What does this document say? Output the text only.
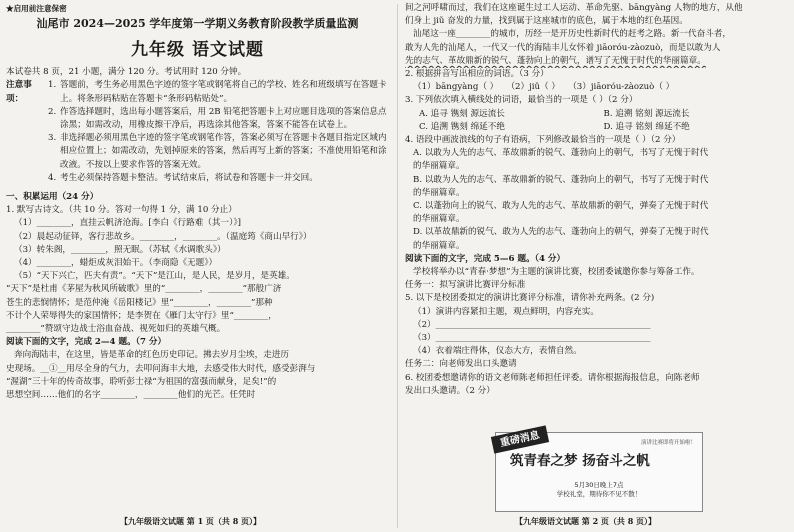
★启用前注意保密
汕尾市 2024—2025 学年度第一学期义务教育阶段教学质量监测
九年级 语文试题
本试卷共 8 页，21 小题，满分 120 分。考试用时 120 分钟。
注意事项：
1. 答题前，考生务必用黑色字迹的签字笔或钢笔将自己的学校、姓名和班级填写在答题卡上。将条形码粘贴在答题卡“条形码粘贴处”。
2. 作答选择题时，选出每小题答案后，用 2B 铅笔把答题卡上对应题目选项的答案信息点涂黑；如需改动，用橡皮擦干净后，再选涂其他答案，答案不能答在试卷上。
3. 非选择题必须用黑色字迹的签字笔或钢笔作答，答案必须写在答题卡各题目指定区域内相应位置上；如需改动，先划掉原来的答案，然后再写上新的答案；不准使用铅笔和涂改液。不按以上要求作答的答案无效。
4. 考生必须保持答题卡整洁。考试结束后，将试卷和答题卡一并交回。
一、积累运用（24 分）
1. 默写古诗文。（共 10 分。答对一句得 1 分，满 10 分止）
（1）________，直挂云帆济沧海。[李白《行路难（其一）》]
（2）晨起动征铎，客行悲故乡。________，________。（温庭筠《商山早行》）
（3）转朱阁，________，照无眠。（苏轼《水调歌头》）
（4）________，蜡炬成灰泪始干。（李商隐《无题》）
（5）“天下兴亡，匹夫有责”。“天下”是江山，是人民，是岁月，是英雄。
“天下”是杜甫《茅屋为秋风所破歌》里的“________，________”那般广济
苍生的悲悯情怀；是范仲淹《岳阳楼记》里“________，________”那种
不计个人荣辱得失的家国情怀；是李贺在《雁门太守行》里“________，
________”赞颂守边战士浴血奋战、视死如归的英雄气概。
阅读下面的文字，完成 2—4 题。（7 分）
奔向海陆丰，在这里，皆是革命的红色历史印记。拂去岁月尘埃，走进历
史现场。__①__用尽全身的气力，去叩问海丰大地，去感受伟大时代，感受彭湃与
“渥湖”三十年的传奇故事，聆听彭士禄“为祖国的富强而献身，足矣!”的
思想空间……他们的名字________，________他们的光芒。任凭时
【九年级语文试题 第 1 页（共 8 页）】
间之河呼啸而过，我们在这座诞生过工人运动、革命先驱、bāngyàng 人物的地方，从他
们身上 jiǔ 奋发的力量，找到属于这座城市的底色，属于本地的红色基因。
汕尾这一座________的城市，历经一是开历史性新时代的赶考之路。新一代奋斗者，
敢为人先的汕尾人，一代又一代的海陆丰儿女怀着 jiāoróu-zàozuò，而是以敢为人
先的志气、革故鼎新的锐气、蓬勃向上的朝气，谱写了无愧于时代的华丽篇章。
2. 根据拼音写出相应的词语。（3 分）
（1）bāngyàng（ ） （2）jiǔ（ ） （3）jiāoróu-zàozuò（ ）
3. 下列依次填入横线处的词语，最恰当的一项是（ ）（2 分）
A. 追寻 镌刻 源远流长	B. 追溯 铭刻 源远流长
C. 追溯 镌刻 绵延不绝	D. 追寻 铭刻 绵延不绝
4. 语段中画波浪线的句子有语病，下列修改最恰当的一项是（ ）（2 分）
A. 以敢为人先的志气、革故鼎新的锐气、蓬勃向上的朝气，书写了无愧于时代
的华丽篇章。
B. 以敢为人先的志气、革故鼎新的锐气、蓬勃向上的朝气，书写了无愧于时代
的华丽篇章。
C. 以蓬勃向上的锐气、敢为人先的志气、革故鼎新的朝气，弹奏了无愧于时代
的华丽篇章。
D. 以革故鼎新的锐气、敢为人先的志气、蓬勃向上的朝气，弹奏了无愧于时代
的华丽篇章。
阅读下面的文字，完成 5—6 题。（4 分）
学校将举办以“青春·梦想”为主题的演讲比赛，校团委诚邀你参与筹备工作。
任务一：拟写演讲比赛评分标准
5. 以下是校团委拟定的演讲比赛评分标准，请你补充两条。(2 分)
（1）演讲内容紧扣主题，观点鲜明，内容充实。
（2）__________________________________________________
（3）__________________________________________________
（4）衣着端庄得体，仪态大方，表情自然。
任务二：向老师发出口头邀请
6. 校团委想邀请你的语文老师陈老师担任评委。请你根据海报信息，向陈老师
发出口头邀请。（2 分）
重磅消息	演讲比赛即将开始啦！
筑青春之梦 扬奋斗之帆
5月30日晚上7点
学校礼堂，期待你不见不散！
【九年级语文试题 第 2 页（共 8 页）】
